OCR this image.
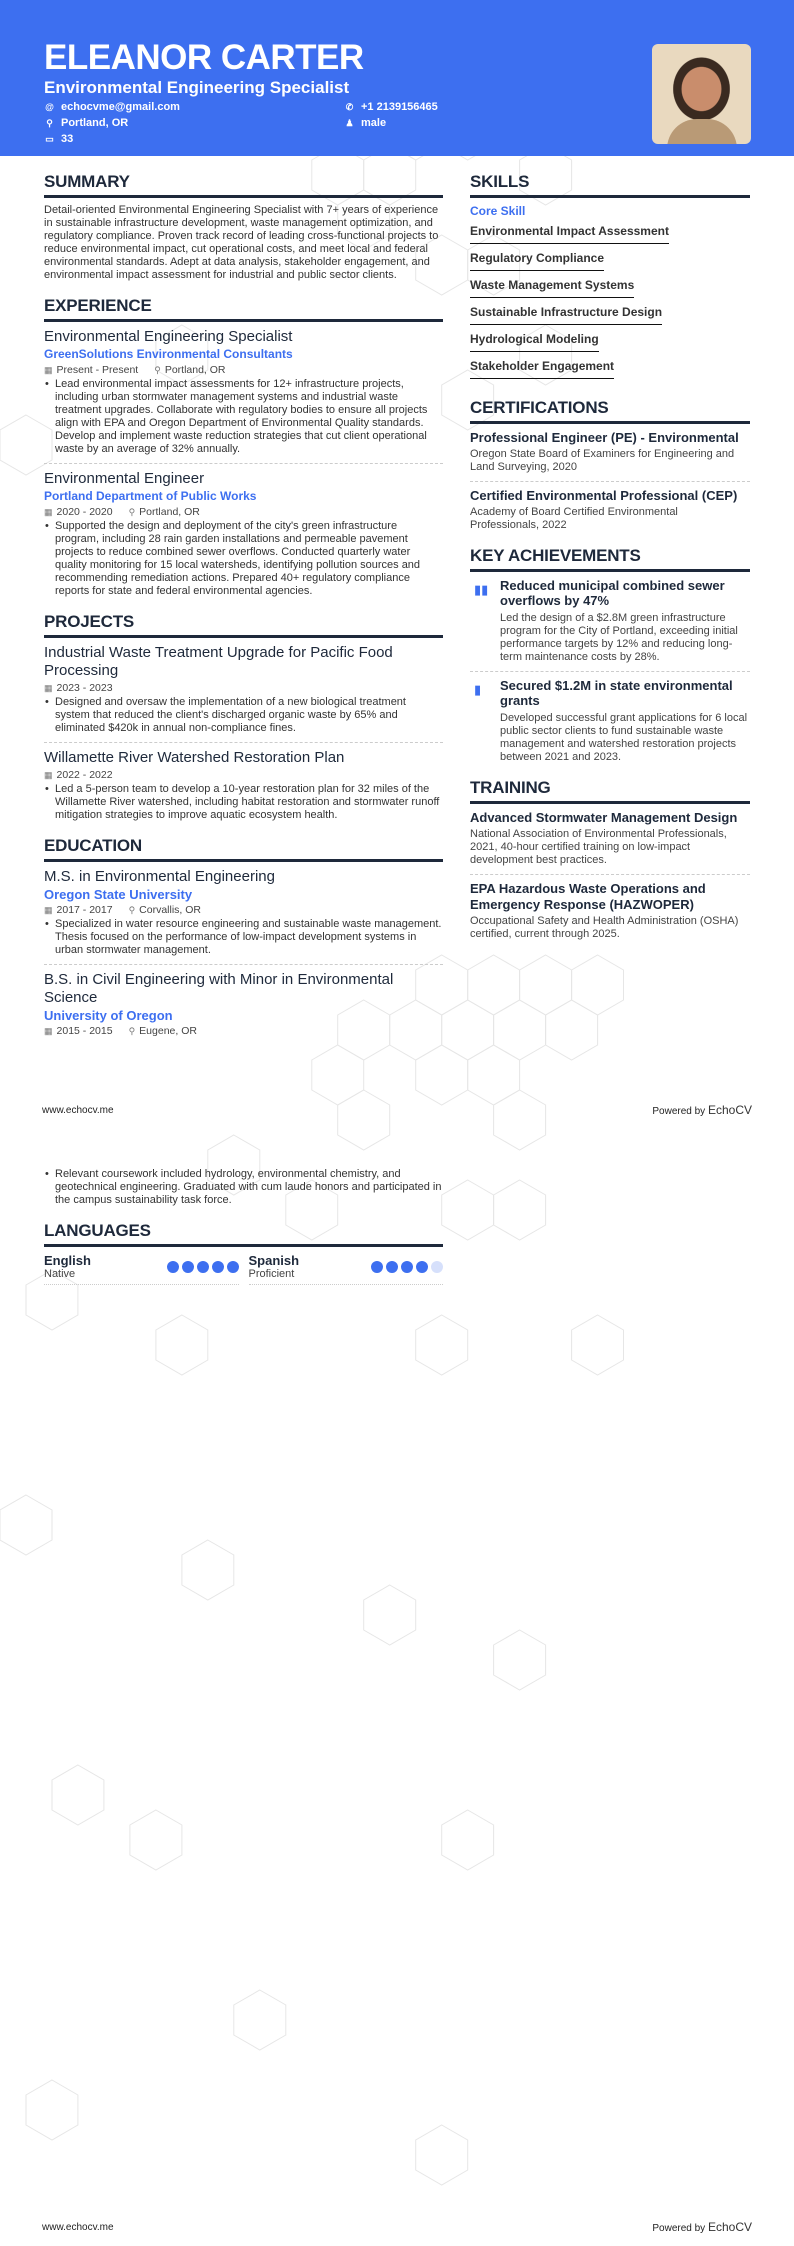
ELEANOR CARTER
Environmental Engineering Specialist
@ echocvme@gmail.com
⚲ Portland, OR
▭ 33
✆ +1 2139156465
♟ male
SUMMARY
Detail-oriented Environmental Engineering Specialist with 7+ years of experience in sustainable infrastructure development, waste management optimization, and regulatory compliance. Proven track record of leading cross-functional projects to reduce environmental impact, cut operational costs, and meet local and federal environmental standards. Adept at data analysis, stakeholder engagement, and environmental impact assessment for industrial and public sector clients.
EXPERIENCE
Environmental Engineering Specialist
GreenSolutions Environmental Consultants
▦ Present - Present ⚲ Portland, OR
• Lead environmental impact assessments for 12+ infrastructure projects, including urban stormwater management systems and industrial waste treatment upgrades. Collaborate with regulatory bodies to ensure all projects align with EPA and Oregon Department of Environmental Quality standards. Develop and implement waste reduction strategies that cut client operational waste by an average of 32% annually.
Environmental Engineer
Portland Department of Public Works
▦ 2020 - 2020 ⚲ Portland, OR
• Supported the design and deployment of the city's green infrastructure program, including 28 rain garden installations and permeable pavement projects to reduce combined sewer overflows. Conducted quarterly water quality monitoring for 15 local watersheds, identifying pollution sources and recommending remediation actions. Prepared 40+ regulatory compliance reports for state and federal environmental agencies.
PROJECTS
Industrial Waste Treatment Upgrade for Pacific Food Processing
▦ 2023 - 2023
• Designed and oversaw the implementation of a new biological treatment system that reduced the client's discharged organic waste by 65% and eliminated $420k in annual non-compliance fines.
Willamette River Watershed Restoration Plan
▦ 2022 - 2022
• Led a 5-person team to develop a 10-year restoration plan for 32 miles of the Willamette River watershed, including habitat restoration and stormwater runoff mitigation strategies to improve aquatic ecosystem health.
EDUCATION
M.S. in Environmental Engineering
Oregon State University
▦ 2017 - 2017 ⚲ Corvallis, OR
• Specialized in water resource engineering and sustainable waste management. Thesis focused on the performance of low-impact development systems in urban stormwater management.
B.S. in Civil Engineering with Minor in Environmental Science
University of Oregon
▦ 2015 - 2015 ⚲ Eugene, OR
SKILLS
Core Skill
Environmental Impact Assessment
Regulatory Compliance
Waste Management Systems
Sustainable Infrastructure Design
Hydrological Modeling
Stakeholder Engagement
CERTIFICATIONS
Professional Engineer (PE) - Environmental
Oregon State Board of Examiners for Engineering and Land Surveying, 2020
Certified Environmental Professional (CEP)
Academy of Board Certified Environmental Professionals, 2022
KEY ACHIEVEMENTS
▮▮ Reduced municipal combined sewer overflows by 47%
Led the design of a $2.8M green infrastructure program for the City of Portland, exceeding initial performance targets by 12% and reducing long-term maintenance costs by 28%.
▮	Secured $1.2M in state environmental grants
Developed successful grant applications for 6 local public sector clients to fund sustainable waste management and watershed restoration projects between 2021 and 2023.
TRAINING
Advanced Stormwater Management Design
National Association of Environmental Professionals, 2021, 40-hour certified training on low-impact development best practices.
EPA Hazardous Waste Operations and Emergency Response (HAZWOPER)
Occupational Safety and Health Administration (OSHA) certified, current through 2025.
www.echocv.me	Powered by EchoCV
• Relevant coursework included hydrology, environmental chemistry, and geotechnical engineering. Graduated with cum laude honors and participated in the campus sustainability task force.
LANGUAGES
English
Native
Spanish
Proficient
www.echocv.me	Powered by EchoCV
